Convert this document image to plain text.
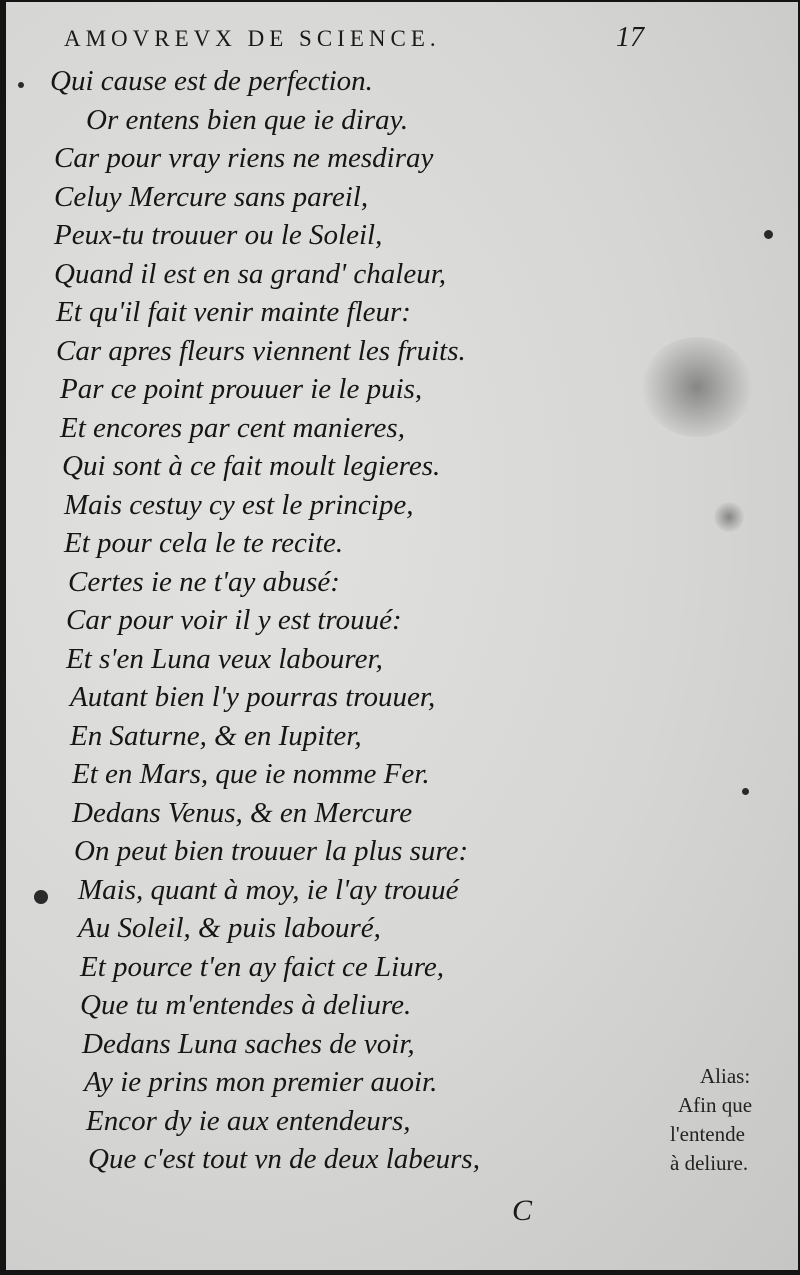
AMOVREVX DE SCIENCE.	17
Qui cause est de perfection.
Or entens bien que ie diray.
Car pour vray riens ne mesdiray
Celuy Mercure sans pareil,
Peux-tu trouuer ou le Soleil,
Quand il est en sa grand' chaleur,
Et qu'il fait venir mainte fleur:
Car apres fleurs viennent les fruits.
Par ce point prouuer ie le puis,
Et encores par cent manieres,
Qui sont à ce fait moult legieres.
Mais cestuy cy est le principe,
Et pour cela le te recite.
Certes ie ne t'ay abusé:
Car pour voir il y est trouué:
Et s'en Luna veux labourer,
Autant bien l'y pourras trouuer,
En Saturne, & en Iupiter,
Et en Mars, que ie nomme Fer.
Dedans Venus, & en Mercure
On peut bien trouuer la plus sure:
Mais, quant à moy, ie l'ay trouué
Au Soleil, & puis labouré,
Et pource t'en ay faict ce Liure,
Que tu m'entendes à deliure.
Dedans Luna saches de voir,
Ay ie prins mon premier auoir.
Encor dy ie aux entendeurs,
Que c'est tout vn de deux labeurs,
Alias:
Afin que
l'entende
à deliure.
C
